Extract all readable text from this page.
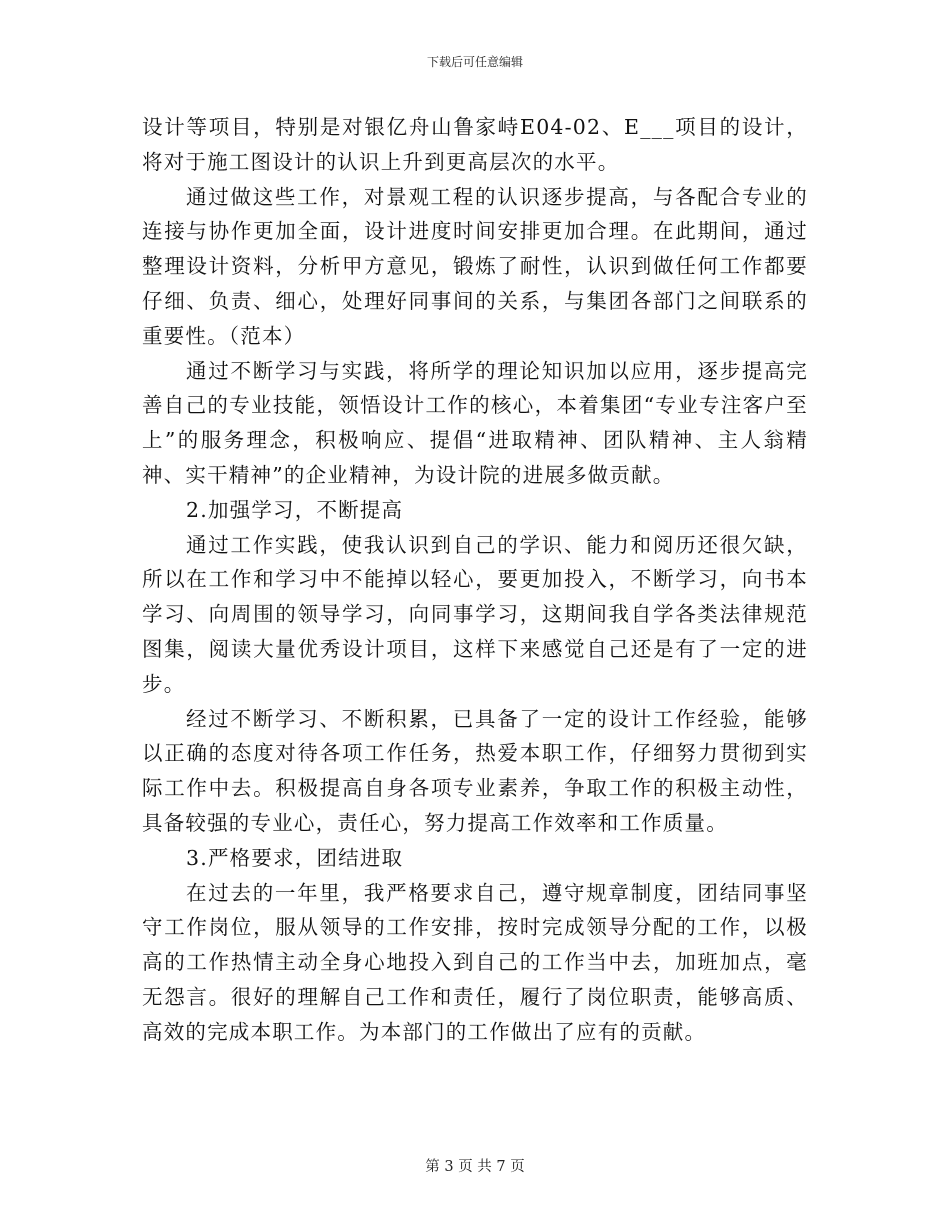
下载后可任意编辑

设计等项目，特别是对银亿舟山鲁家峙E04-02、E___项目的设计，将对于施工图设计的认识上升到更高层次的水平。

通过做这些工作，对景观工程的认识逐步提高，与各配合专业的连接与协作更加全面，设计进度时间安排更加合理。在此期间，通过整理设计资料，分析甲方意见，锻炼了耐性，认识到做任何工作都要仔细、负责、细心，处理好同事间的关系，与集团各部门之间联系的重要性。（范本）

通过不断学习与实践，将所学的理论知识加以应用，逐步提高完善自己的专业技能，领悟设计工作的核心，本着集团“专业专注客户至上”的服务理念，积极响应、提倡“进取精神、团队精神、主人翁精神、实干精神”的企业精神，为设计院的进展多做贡献。

2.加强学习，不断提高

通过工作实践，使我认识到自己的学识、能力和阅历还很欠缺，所以在工作和学习中不能掉以轻心，要更加投入，不断学习，向书本学习、向周围的领导学习，向同事学习，这期间我自学各类法律规范图集，阅读大量优秀设计项目，这样下来感觉自己还是有了一定的进步。

经过不断学习、不断积累，已具备了一定的设计工作经验，能够以正确的态度对待各项工作任务，热爱本职工作，仔细努力贯彻到实际工作中去。积极提高自身各项专业素养，争取工作的积极主动性，具备较强的专业心，责任心，努力提高工作效率和工作质量。

3.严格要求，团结进取

在过去的一年里，我严格要求自己，遵守规章制度，团结同事坚守工作岗位，服从领导的工作安排，按时完成领导分配的工作，以极高的工作热情主动全身心地投入到自己的工作当中去，加班加点，毫无怨言。很好的理解自己工作和责任，履行了岗位职责，能够高质、高效的完成本职工作。为本部门的工作做出了应有的贡献。

第 3 页 共 7 页
